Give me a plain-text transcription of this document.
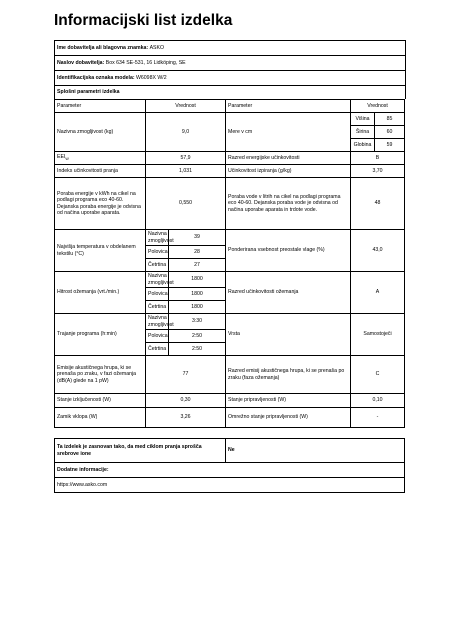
Informacijski list izdelka
Ime dobavitelja ali blagovna znamka:
ASKO
Naslov dobavitelja:
Box 634 SE-531, 16 Lidköping, SE
Identifikacijska oznaka modela:
W6098X W/2
Splošni parametri izdelka
Parameter	Vrednost		Parameter	Vrednost	
Nazivna zmogljivost (kg)	9,0		Mere v cm	Višina	85
				Širina	60
				Globina	59
$EEI_W$	57,9		Razred energijske učinkovitosti	B	
Indeks učinkovitosti pranja	1,031		Učinkovitost izpiranja (g/kg)	3,70	
Poraba energije v kWh na cikel na podlagi programa eco 40-60. Dejanska poraba energije je odvisna od načina uporabe aparata.	0,550		Poraba vode v litrih na cikel na podlagi programa eco 40-60. Dejanska poraba vode je odvisna od načina uporabe aparata in trdote vode.	48	
Najvišja temperatura v obdelanem tekstilu (°C)	Nazivna zmogljivost	39	Ponderirana vsebnost preostale vlage (%)	43,0	
	Polovica	28			
	Četrtina	27			
Hitrost ožemanja (vrt./min.)	Nazivna zmogljivost	1800	Razred učinkovitosti ožemanja	A	
	Polovica	1800			
	Četrtina	1800			
Trajanje programa (h:min)	Nazivna zmogljivost	3:30	Vrsta	Samostoječi	
	Polovica	2:50			
	Četrtina	2:50			
Emisije akustičnega hrupa, ki se prenaša po zraku, v fazi ožemanja (dB(A) glede na 1 pW)	77		Razred emisij akustičnega hrupa, ki se prenaša po zraku (faza ožemanja)	C	
Stanje izključenosti (W)	0,30		Stanje pripravljenosti (W)	0,10	
Zamik vklopa (W)	3,26		Omrežno stanje pripravljenosti (W)	-	
Ta izdelek je zasnovan tako, da med ciklom pranja sprošča srebrove ione	Ne
Dodatne informacije:
https://www.asko.com
